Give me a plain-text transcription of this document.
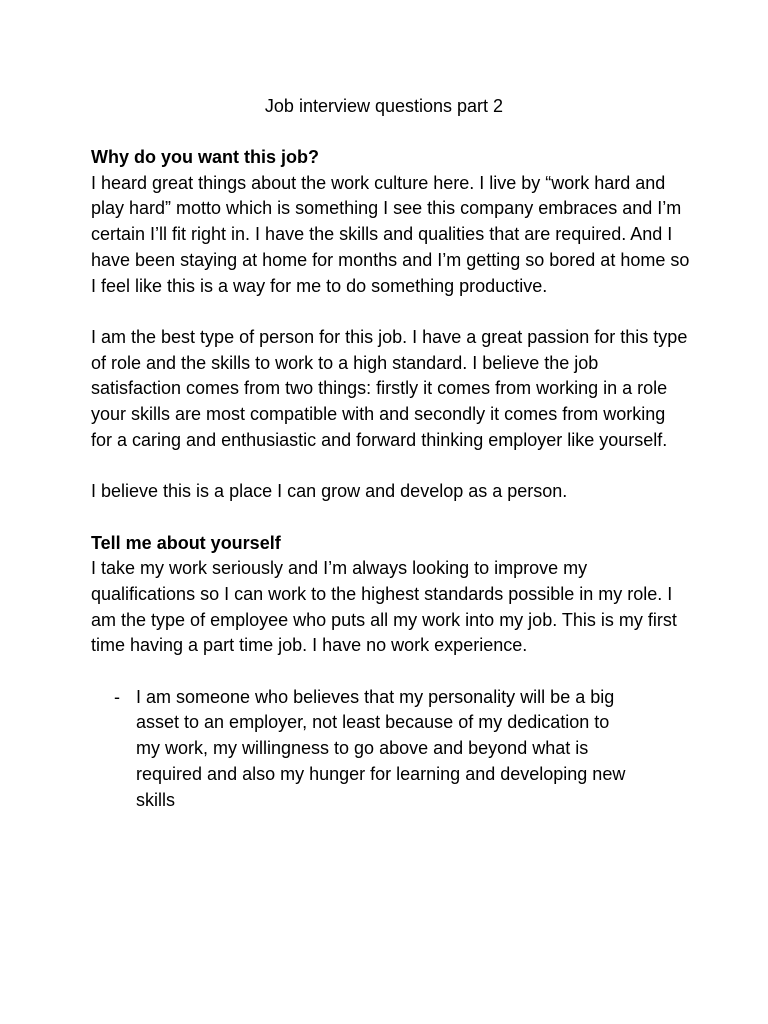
Job interview questions part 2

Why do you want this job?

I heard great things about the work culture here. I live by “work hard and play hard” motto which is something I see this company embraces and I’m certain I’ll fit right in. I have the skills and qualities that are required. And I have been staying at home for months and I’m getting so bored at home so I feel like this is a way for me to do something productive.

I am the best type of person for this job. I have a great passion for this type of role and the skills to work to a high standard. I believe the job satisfaction comes from two things: firstly it comes from working in a role your skills are most compatible with and secondly it comes from working for a caring and enthusiastic and forward thinking employer like yourself.

I believe this is a place I can grow and develop as a person.

Tell me about yourself

I take my work seriously and I’m always looking to improve my qualifications so I can work to the highest standards possible in my role. I am the type of employee who puts all my work into my job. This is my first time having a part time job. I have no work experience.

- I am someone who believes that my personality will be a big asset to an employer, not least because of my dedication to my work, my willingness to go above and beyond what is required and also my hunger for learning and developing new skills
